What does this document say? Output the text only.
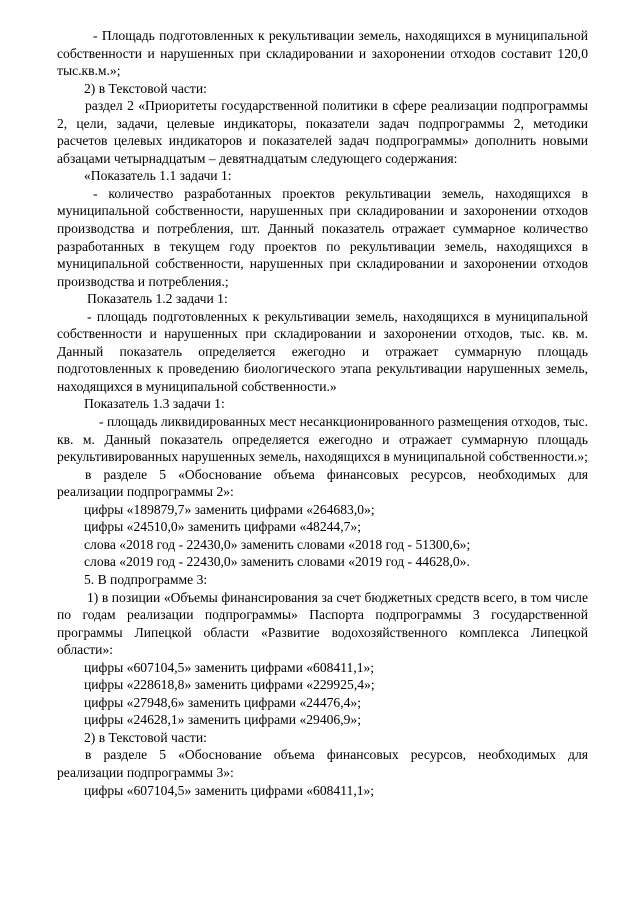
- Площадь подготовленных к рекультивации земель, находящихся в муниципальной собственности и нарушенных при складировании и захоронении отходов составит 120,0 тыс.кв.м.»;

2) в Текстовой части:

раздел 2 «Приоритеты государственной политики в сфере реализации подпрограммы 2, цели, задачи, целевые индикаторы, показатели задач подпрограммы 2, методики расчетов целевых индикаторов и показателей задач подпрограммы» дополнить новыми абзацами четырнадцатым – девятнадцатым следующего содержания:

«Показатель 1.1 задачи 1:

- количество разработанных проектов рекультивации земель, находящихся в муниципальной собственности, нарушенных при складировании и захоронении отходов производства и потребления, шт. Данный показатель отражает суммарное количество разработанных в текущем году проектов по рекультивации земель, находящихся в муниципальной собственности, нарушенных при складировании и захоронении отходов производства и потребления.;

Показатель 1.2 задачи 1:

- площадь подготовленных к рекультивации земель, находящихся в муниципальной собственности и нарушенных при складировании и захоронении отходов, тыс. кв. м. Данный показатель определяется ежегодно и отражает суммарную площадь подготовленных к проведению биологического этапа рекультивации нарушенных земель, находящихся в муниципальной собственности.»

Показатель 1.3 задачи 1:

- площадь ликвидированных мест несанкционированного размещения отходов, тыс. кв. м. Данный показатель определяется ежегодно и отражает суммарную площадь рекультивированных нарушенных земель, находящихся в муниципальной собственности.»;

в разделе 5 «Обоснование объема финансовых ресурсов, необходимых для реализации подпрограммы 2»:

цифры «189879,7» заменить цифрами «264683,0»;

цифры «24510,0» заменить цифрами «48244,7»;

слова «2018 год - 22430,0» заменить словами «2018 год - 51300,6»;

слова «2019 год - 22430,0» заменить словами «2019 год - 44628,0».

5. В подпрограмме 3:

1) в позиции «Объемы финансирования за счет бюджетных средств всего, в том числе по годам реализации подпрограммы» Паспорта подпрограммы 3 государственной программы Липецкой области «Развитие водохозяйственного комплекса Липецкой области»:

цифры «607104,5» заменить цифрами «608411,1»;

цифры «228618,8» заменить цифрами «229925,4»;

цифры «27948,6» заменить цифрами «24476,4»;

цифры «24628,1» заменить цифрами «29406,9»;

2) в Текстовой части:

в разделе 5 «Обоснование объема финансовых ресурсов, необходимых для реализации подпрограммы 3»:

цифры «607104,5» заменить цифрами «608411,1»;
